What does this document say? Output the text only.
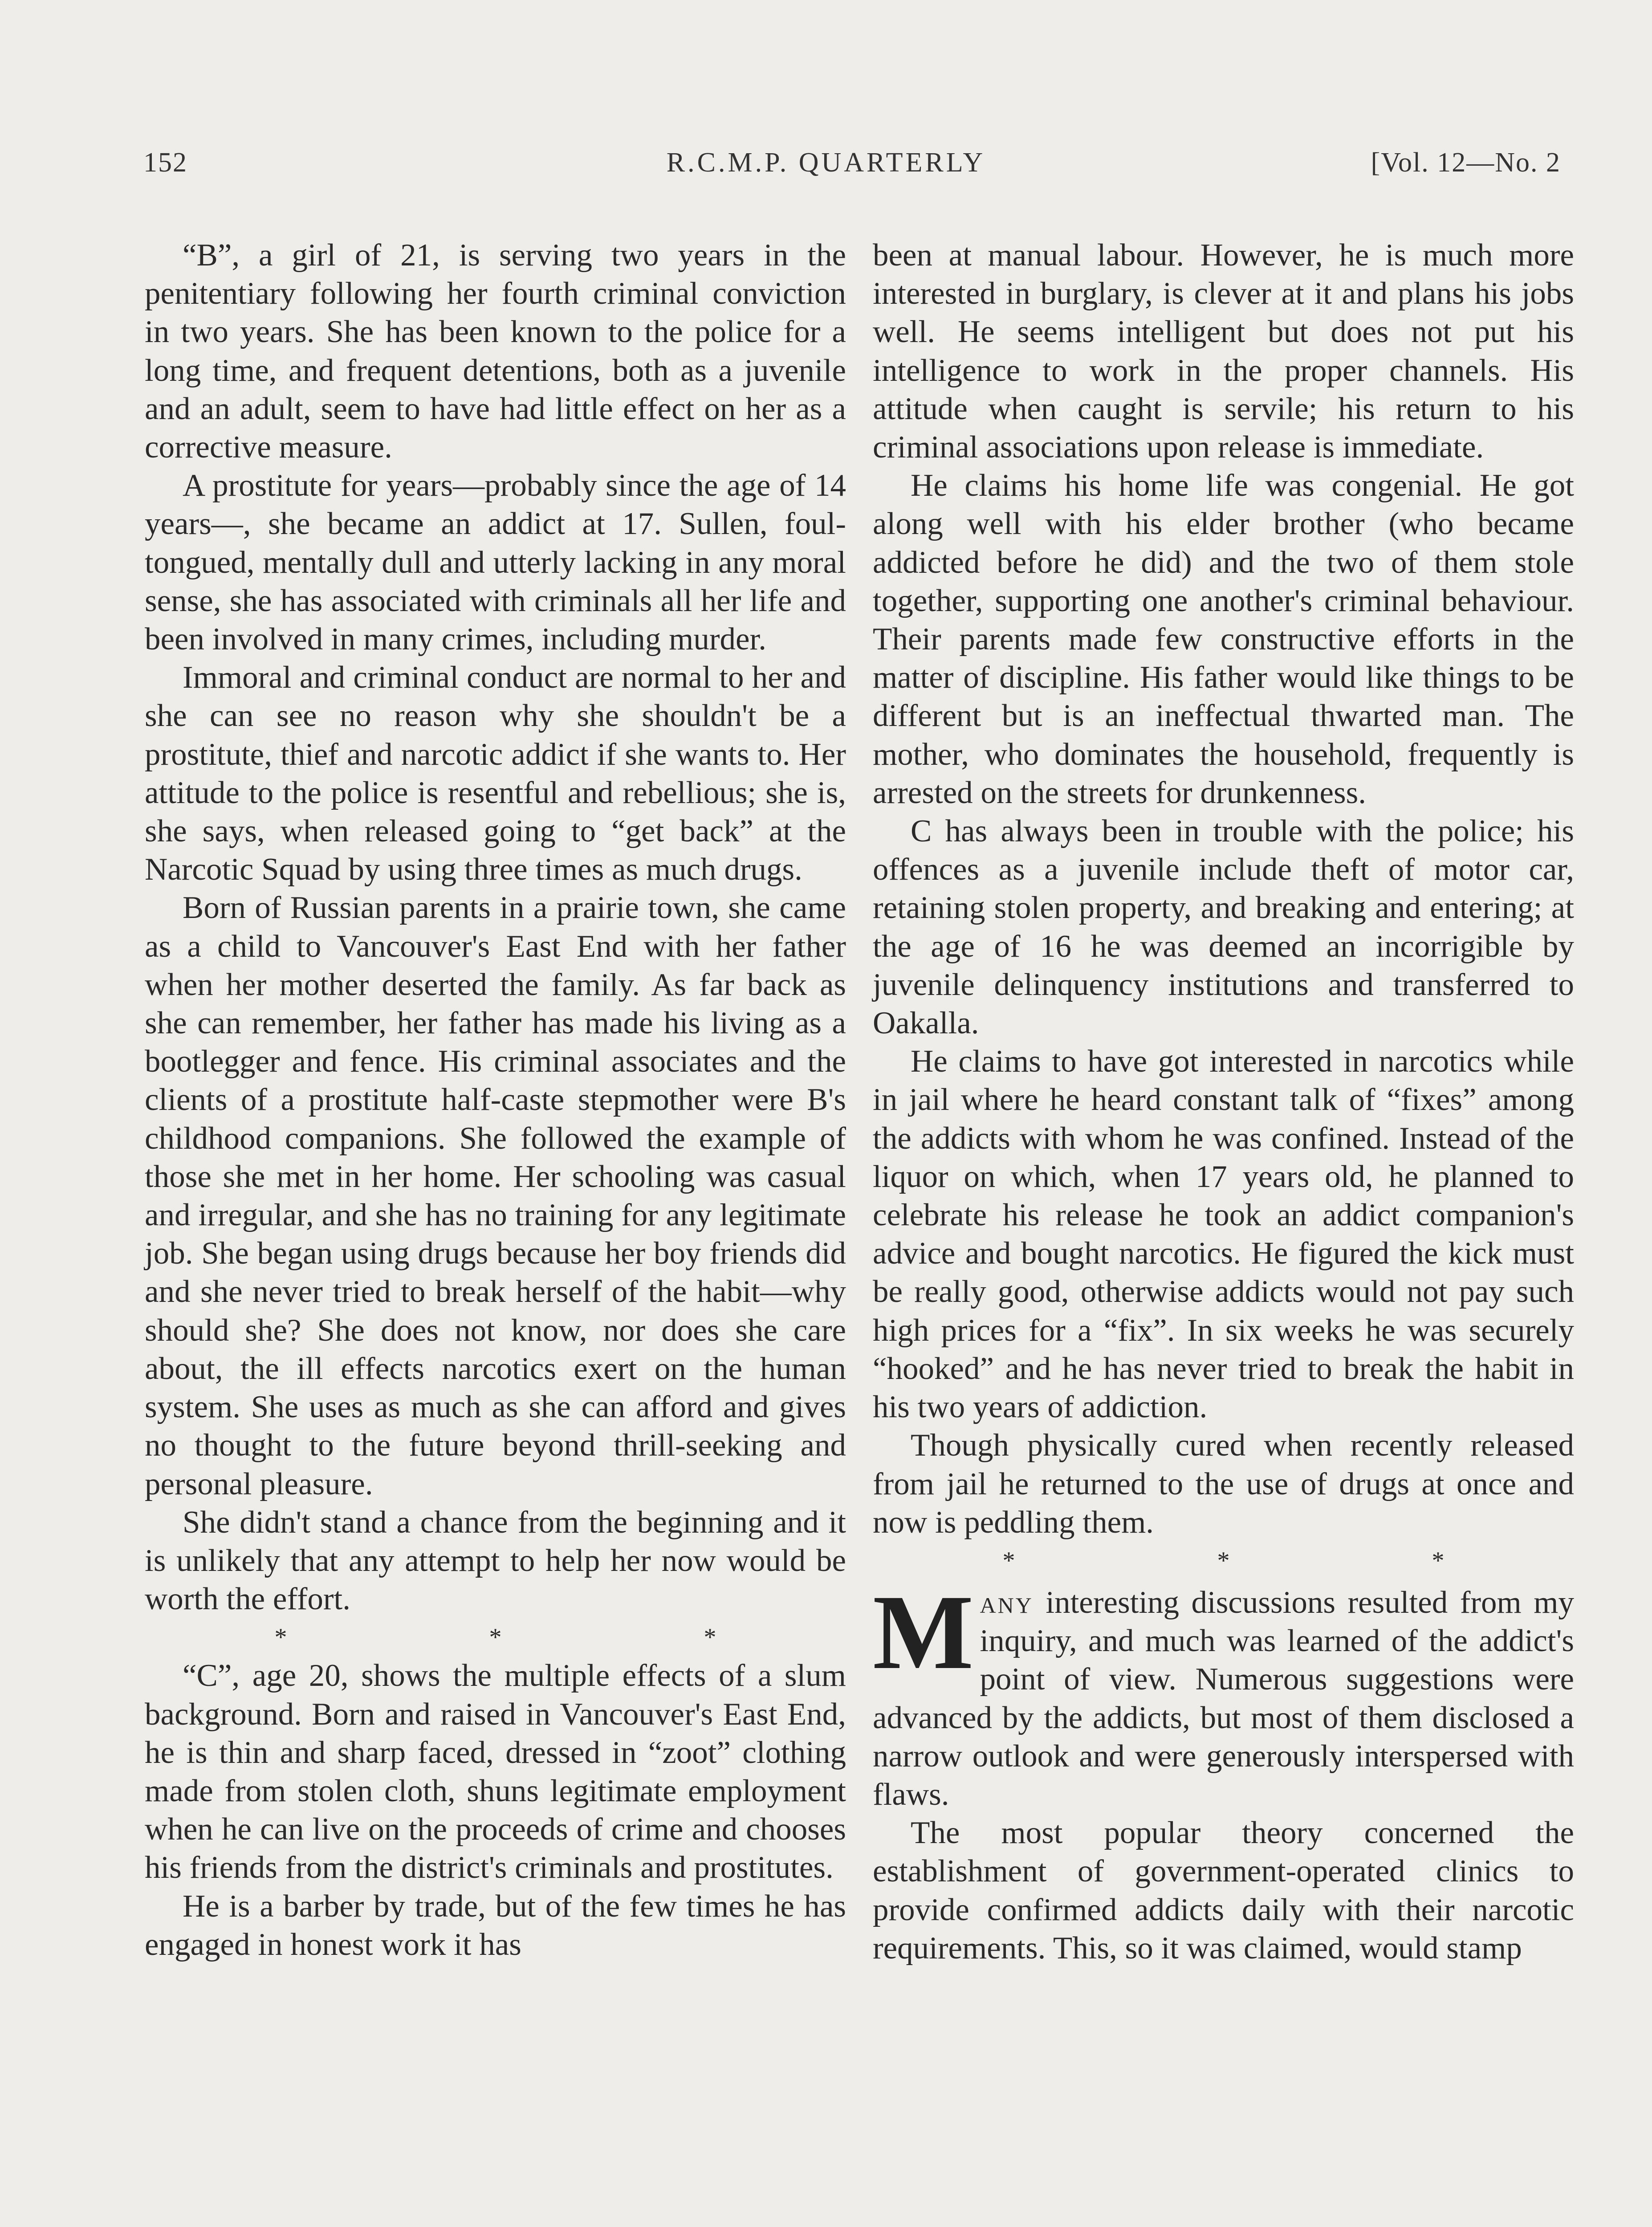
152	R.C.M.P. QUARTERLY	[Vol. 12—No. 2

“B”, a girl of 21, is serving two years in the penitentiary following her fourth criminal conviction in two years. She has been known to the police for a long time, and frequent detentions, both as a juvenile and an adult, seem to have had little effect on her as a corrective measure.

A prostitute for years—probably since the age of 14 years—, she became an addict at 17. Sullen, foul-tongued, mentally dull and utterly lacking in any moral sense, she has associated with criminals all her life and been involved in many crimes, including murder.

Immoral and criminal conduct are normal to her and she can see no reason why she shouldn't be a prostitute, thief and narcotic addict if she wants to. Her attitude to the police is resentful and rebellious; she is, she says, when released going to “get back” at the Narcotic Squad by using three times as much drugs.

Born of Russian parents in a prairie town, she came as a child to Vancouver's East End with her father when her mother deserted the family. As far back as she can remember, her father has made his living as a bootlegger and fence. His criminal associates and the clients of a prostitute half-caste stepmother were B's childhood companions. She followed the example of those she met in her home. Her schooling was casual and irregular, and she has no training for any legitimate job. She began using drugs because her boy friends did and she never tried to break herself of the habit—why should she? She does not know, nor does she care about, the ill effects narcotics exert on the human system. She uses as much as she can afford and gives no thought to the future beyond thrill-seeking and personal pleasure.

She didn't stand a chance from the beginning and it is unlikely that any attempt to help her now would be worth the effort.

* * *

“C”, age 20, shows the multiple effects of a slum background. Born and raised in Vancouver's East End, he is thin and sharp faced, dressed in “zoot” clothing made from stolen cloth, shuns legitimate employment when he can live on the proceeds of crime and chooses his friends from the district's criminals and prostitutes.

He is a barber by trade, but of the few times he has engaged in honest work it has

been at manual labour. However, he is much more interested in burglary, is clever at it and plans his jobs well. He seems intelligent but does not put his intelligence to work in the proper channels. His attitude when caught is servile; his return to his criminal associations upon release is immediate.

He claims his home life was congenial. He got along well with his elder brother (who became addicted before he did) and the two of them stole together, supporting one another's criminal behaviour. Their parents made few constructive efforts in the matter of discipline. His father would like things to be different but is an ineffectual thwarted man. The mother, who dominates the household, frequently is arrested on the streets for drunkenness.

C has always been in trouble with the police; his offences as a juvenile include theft of motor car, retaining stolen property, and breaking and entering; at the age of 16 he was deemed an incorrigible by juvenile delinquency institutions and transferred to Oakalla.

He claims to have got interested in narcotics while in jail where he heard constant talk of “fixes” among the addicts with whom he was confined. Instead of the liquor on which, when 17 years old, he planned to celebrate his release he took an addict companion's advice and bought narcotics. He figured the kick must be really good, otherwise addicts would not pay such high prices for a “fix”. In six weeks he was securely “hooked” and he has never tried to break the habit in his two years of addiction.

Though physically cured when recently released from jail he returned to the use of drugs at once and now is peddling them.

* * *

Many interesting discussions resulted from my inquiry, and much was learned of the addict's point of view. Numerous suggestions were advanced by the addicts, but most of them disclosed a narrow outlook and were generously interspersed with flaws.

The most popular theory concerned the establishment of government-operated clinics to provide confirmed addicts daily with their narcotic requirements. This, so it was claimed, would stamp
